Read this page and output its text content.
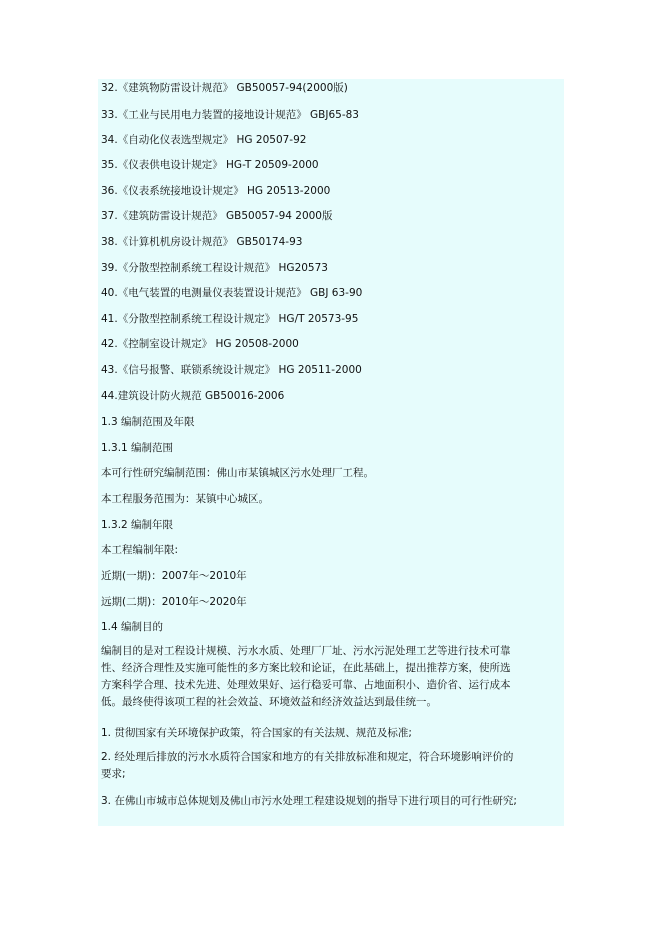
32.《建筑物防雷设计规范》 GB50057-94(2000版)
33.《工业与民用电力装置的接地设计规范》 GBJ65-83
34.《自动化仪表选型规定》 HG 20507-92
35.《仪表供电设计规定》 HG-T 20509-2000
36.《仪表系统接地设计规定》 HG 20513-2000
37.《建筑防雷设计规范》 GB50057-94 2000版
38.《计算机机房设计规范》 GB50174-93
39.《分散型控制系统工程设计规范》 HG20573
40.《电气装置的电测量仪表装置设计规范》 GBJ 63-90
41.《分散型控制系统工程设计规定》 HG/T 20573-95
42.《控制室设计规定》 HG 20508-2000
43.《信号报警、联锁系统设计规定》 HG 20511-2000
44.建筑设计防火规范 GB50016-2006
1.3 编制范围及年限
1.3.1 编制范围
本可行性研究编制范围：佛山市某镇城区污水处理厂工程。
本工程服务范围为：某镇中心城区。
1.3.2 编制年限
本工程编制年限:
近期(一期)：2007年～2010年
远期(二期)：2010年～2020年
1.4 编制目的
编制目的是对工程设计规模、污水水质、处理厂厂址、污水污泥处理工艺等进行技术可靠
性、经济合理性及实施可能性的多方案比较和论证，在此基础上，提出推荐方案，使所选
方案科学合理、技术先进、处理效果好、运行稳妥可靠、占地面积小、造价省、运行成本
低。最终使得该项工程的社会效益、环境效益和经济效益达到最佳统一。
1. 贯彻国家有关环境保护政策，符合国家的有关法规、规范及标准;
2. 经处理后排放的污水水质符合国家和地方的有关排放标准和规定，符合环境影响评价的
要求;
3. 在佛山市城市总体规划及佛山市污水处理工程建设规划的指导下进行项目的可行性研究;
